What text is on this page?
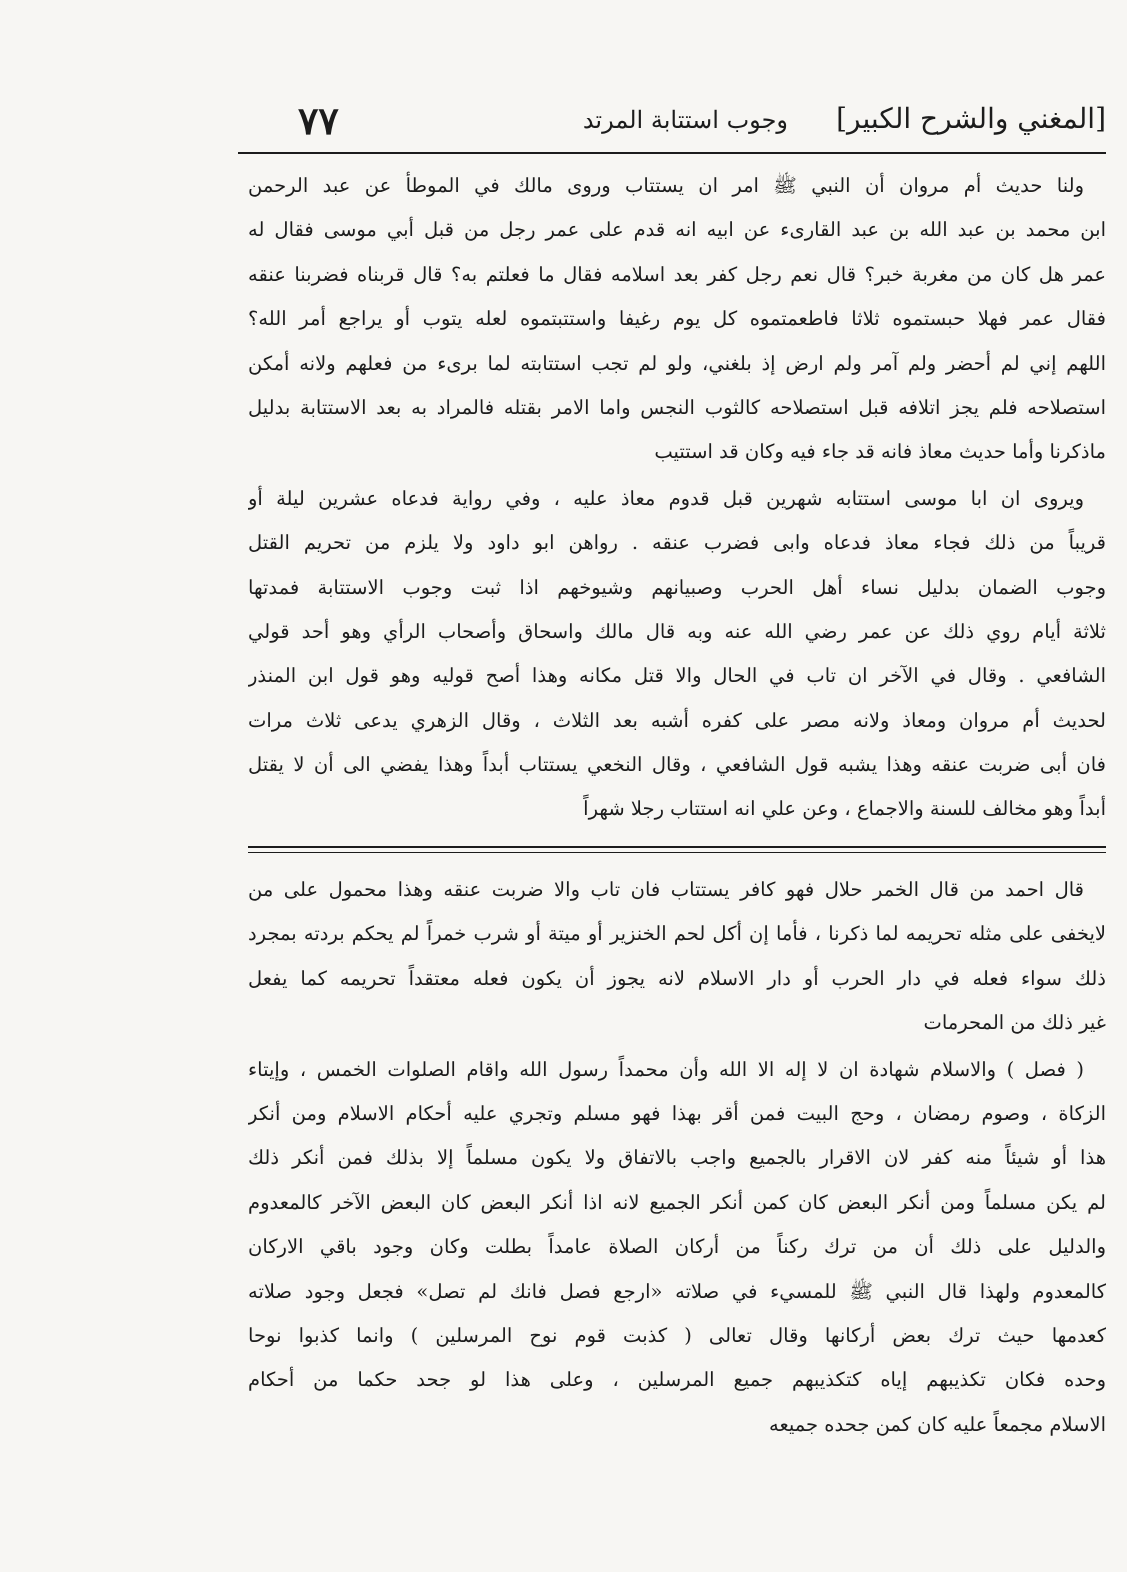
[المغني والشرح الكبير]
وجوب استتابة المرتد
٧٧
ولنا حديث أم مروان أن النبي ﷺ امر ان يستتاب وروى مالك في الموطأ عن عبد الرحمن
ابن محمد بن عبد الله بن عبد القارىء عن ابيه انه قدم على عمر رجل من قبل أبي موسى فقال له
عمر هل كان من مغربة خبر؟ قال نعم رجل كفر بعد اسلامه فقال ما فعلتم به؟ قال قربناه فضربنا عنقه
فقال عمر فهلا حبستموه ثلاثا فاطعمتموه كل يوم رغيفا واستتبتموه لعله يتوب أو يراجع أمر الله؟
اللهم إني لم أحضر ولم آمر ولم ارض إذ بلغني، ولو لم تجب استتابته لما برىء من فعلهم ولانه أمكن
استصلاحه فلم يجز اتلافه قبل استصلاحه كالثوب النجس واما الامر بقتله فالمراد به بعد الاستتابة بدليل
ماذكرنا وأما حديث معاذ فانه قد جاء فيه وكان قد استتيب
ويروى ان ابا موسى استتابه شهرين قبل قدوم معاذ عليه ، وفي رواية فدعاه عشرين ليلة أو
قريباً من ذلك فجاء معاذ فدعاه وابى فضرب عنقه . رواهن ابو داود ولا يلزم من تحريم القتل
وجوب الضمان بدليل نساء أهل الحرب وصبيانهم وشيوخهم اذا ثبت وجوب الاستتابة فمدتها
ثلاثة أيام روي ذلك عن عمر رضي الله عنه وبه قال مالك واسحاق وأصحاب الرأي وهو أحد قولي
الشافعي . وقال في الآخر ان تاب في الحال والا قتل مكانه وهذا أصح قوليه وهو قول ابن المنذر
لحديث أم مروان ومعاذ ولانه مصر على كفره أشبه بعد الثلاث ، وقال الزهري يدعى ثلاث مرات
فان أبى ضربت عنقه وهذا يشبه قول الشافعي ، وقال النخعي يستتاب أبداً وهذا يفضي الى أن لا يقتل
أبداً وهو مخالف للسنة والاجماع ، وعن علي انه استتاب رجلا شهراً
قال احمد من قال الخمر حلال فهو كافر يستتاب فان تاب والا ضربت عنقه وهذا محمول على من
لايخفى على مثله تحريمه لما ذكرنا ، فأما إن أكل لحم الخنزير أو ميتة أو شرب خمراً لم يحكم بردته بمجرد
ذلك سواء فعله في دار الحرب أو دار الاسلام لانه يجوز أن يكون فعله معتقداً تحريمه كما يفعل
غير ذلك من المحرمات
( فصل ) والاسلام شهادة ان لا إله الا الله وأن محمداً رسول الله واقام الصلوات الخمس ، وإيتاء
الزكاة ، وصوم رمضان ، وحج البيت فمن أقر بهذا فهو مسلم وتجري عليه أحكام الاسلام ومن أنكر
هذا أو شيئاً منه كفر لان الاقرار بالجميع واجب بالاتفاق ولا يكون مسلماً إلا بذلك فمن أنكر ذلك
لم يكن مسلماً ومن أنكر البعض كان كمن أنكر الجميع لانه اذا أنكر البعض كان البعض الآخر كالمعدوم
والدليل على ذلك أن من ترك ركناً من أركان الصلاة عامداً بطلت وكان وجود باقي الاركان
كالمعدوم ولهذا قال النبي ﷺ للمسيء في صلاته «ارجع فصل فانك لم تصل» فجعل وجود صلاته
كعدمها حيث ترك بعض أركانها وقال تعالى ( كذبت قوم نوح المرسلين ) وانما كذبوا نوحا
وحده فكان تكذيبهم إياه كتكذيبهم جميع المرسلين ، وعلى هذا لو جحد حكما من أحكام
الاسلام مجمعاً عليه كان كمن جحده جميعه
